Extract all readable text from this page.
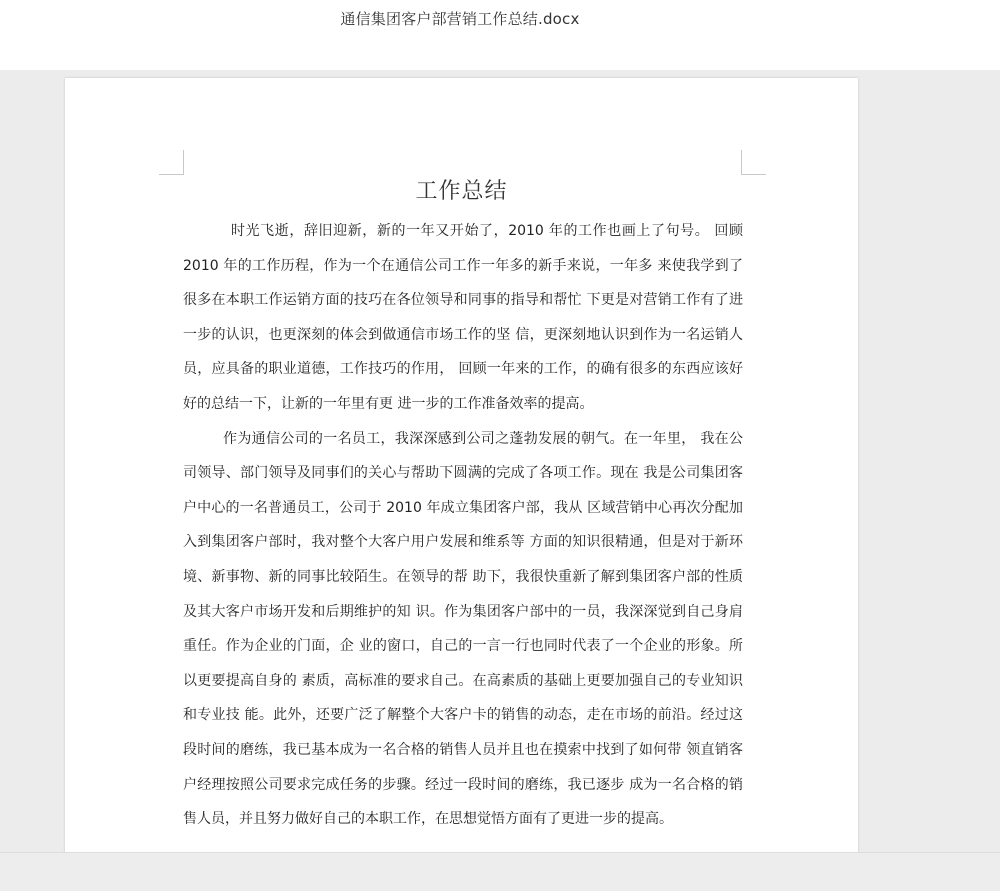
通信集团客户部营销工作总结.docx
工作总结

时光飞逝，辞旧迎新，新的一年又开始了，2010 年的工作也画上了句号。 回顾 2010 年的工作历程，作为一个在通信公司工作一年多的新手来说，一年多 来使我学到了很多在本职工作运销方面的技巧在各位领导和同事的指导和帮忙 下更是对营销工作有了进一步的认识，也更深刻的体会到做通信市场工作的坚 信，更深刻地认识到作为一名运销人员，应具备的职业道德，工作技巧的作用， 回顾一年来的工作，的确有很多的东西应该好好的总结一下，让新的一年里有更 进一步的工作准备效率的提高。

作为通信公司的一名员工，我深深感到公司之蓬勃发展的朝气。在一年里， 我在公司领导、部门领导及同事们的关心与帮助下圆满的完成了各项工作。现在 我是公司集团客户中心的一名普通员工，公司于 2010 年成立集团客户部，我从 区域营销中心再次分配加入到集团客户部时，我对整个大客户用户发展和维系等 方面的知识很精通，但是对于新环境、新事物、新的同事比较陌生。在领导的帮 助下，我很快重新了解到集团客户部的性质及其大客户市场开发和后期维护的知 识。作为集团客户部中的一员，我深深觉到自己身肩重任。作为企业的门面，企 业的窗口，自己的一言一行也同时代表了一个企业的形象。所以更要提高自身的 素质，高标准的要求自己。在高素质的基础上更要加强自己的专业知识和专业技 能。此外，还要广泛了解整个大客户卡的销售的动态，走在市场的前沿。经过这 段时间的磨练，我已基本成为一名合格的销售人员并且也在摸索中找到了如何带 领直销客户经理按照公司要求完成任务的步骤。经过一段时间的磨练，我已逐步 成为一名合格的销售人员，并且努力做好自己的本职工作，在思想觉悟方面有了更进一步的提高。
